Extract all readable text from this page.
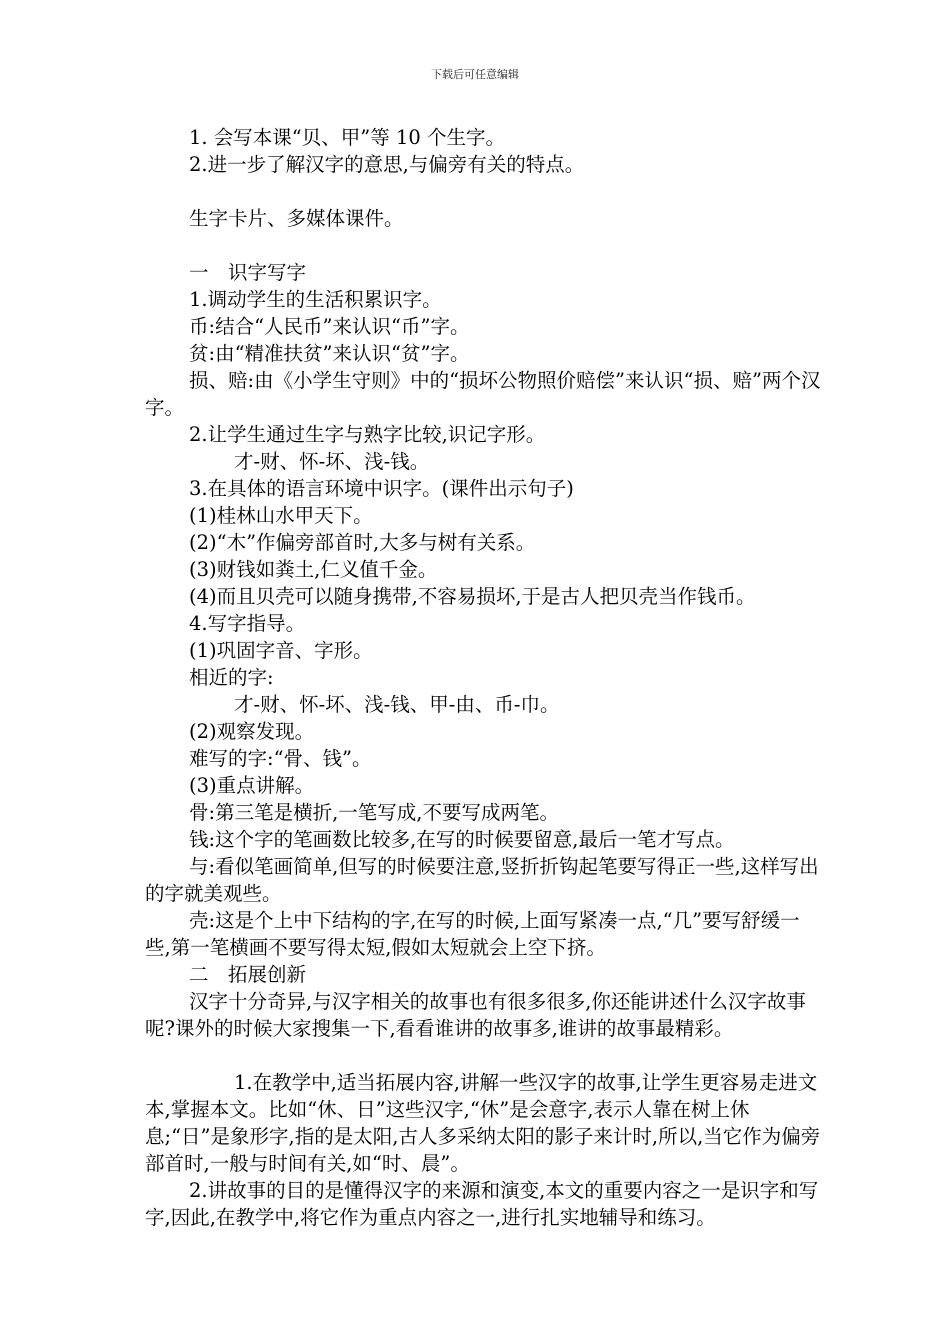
下载后可任意编辑

1. 会写本课“贝、甲”等 10 个生字。

2.进一步了解汉字的意思,与偏旁有关的特点。

生字卡片、多媒体课件。

一　识字写字

1.调动学生的生活积累识字。

币:结合“人民币”来认识“币”字。

贫:由“精准扶贫”来认识“贫”字。

损、赔:由《小学生守则》中的“损坏公物照价赔偿”来认识“损、赔”两个汉字。

2.让学生通过生字与熟字比较,识记字形。

才-财、怀-坏、浅-钱。

3.在具体的语言环境中识字。(课件出示句子)

(1)桂林山水甲天下。

(2)“木”作偏旁部首时,大多与树有关系。

(3)财钱如粪土,仁义值千金。

(4)而且贝壳可以随身携带,不容易损坏,于是古人把贝壳当作钱币。

4.写字指导。

(1)巩固字音、字形。

相近的字:

才-财、怀-坏、浅-钱、甲-由、币-巾。

(2)观察发现。

难写的字:“骨、钱”。

(3)重点讲解。

骨:第三笔是横折,一笔写成,不要写成两笔。

钱:这个字的笔画数比较多,在写的时候要留意,最后一笔才写点。

与:看似笔画简单,但写的时候要注意,竖折折钩起笔要写得正一些,这样写出的字就美观些。

壳:这是个上中下结构的字,在写的时候,上面写紧凑一点,“几”要写舒缓一些,第一笔横画不要写得太短,假如太短就会上空下挤。

二　拓展创新

汉字十分奇异,与汉字相关的故事也有很多很多,你还能讲述什么汉字故事呢?课外的时候大家搜集一下,看看谁讲的故事多,谁讲的故事最精彩。

1.在教学中,适当拓展内容,讲解一些汉字的故事,让学生更容易走进文本,掌握本文。比如“休、日”这些汉字,“休”是会意字,表示人靠在树上休息;“日”是象形字,指的是太阳,古人多采纳太阳的影子来计时,所以,当它作为偏旁部首时,一般与时间有关,如“时、晨”。

2.讲故事的目的是懂得汉字的来源和演变,本文的重要内容之一是识字和写字,因此,在教学中,将它作为重点内容之一,进行扎实地辅导和练习。
